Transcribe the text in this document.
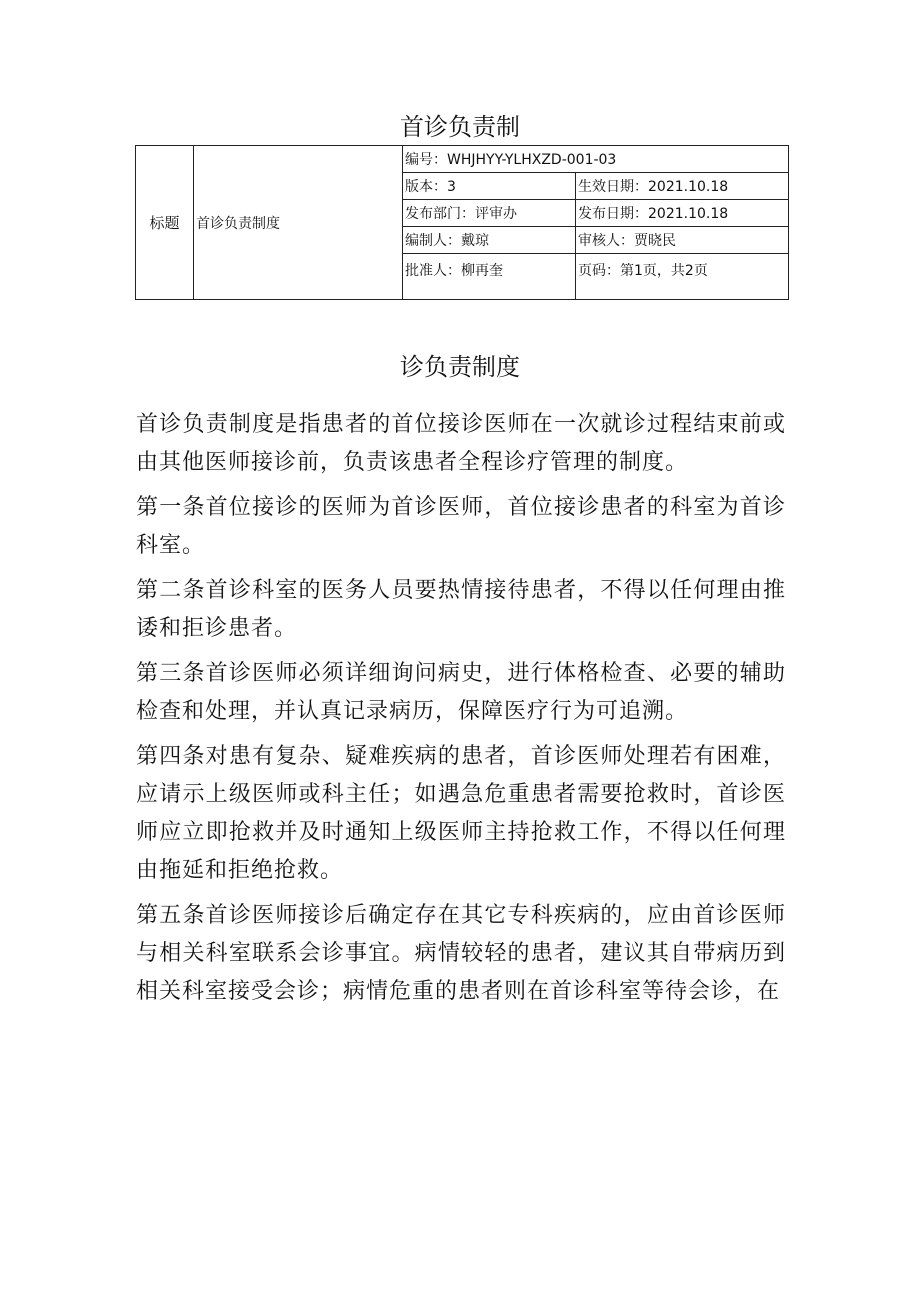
首诊负责制
标题	首诊负责制度	编号：WHJHYY-YLHXZD-001-03	
		版本：3	生效日期：2021.10.18
		发布部门：评审办	发布日期：2021.10.18
		编制人：戴琼	审核人：贾晓民
		批准人：柳再奎	页码：第1页，共2页
诊负责制度

首诊负责制度是指患者的首位接诊医师在一次就诊过程结束前或由其他医师接诊前，负责该患者全程诊疗管理的制度。

第一条首位接诊的医师为首诊医师，首位接诊患者的科室为首诊科室。

第二条首诊科室的医务人员要热情接待患者，不得以任何理由推诿和拒诊患者。

第三条首诊医师必须详细询问病史，进行体格检查、必要的辅助检查和处理，并认真记录病历，保障医疗行为可追溯。

第四条对患有复杂、疑难疾病的患者，首诊医师处理若有困难，应请示上级医师或科主任；如遇急危重患者需要抢救时，首诊医师应立即抢救并及时通知上级医师主持抢救工作，不得以任何理由拖延和拒绝抢救。

第五条首诊医师接诊后确定存在其它专科疾病的，应由首诊医师与相关科室联系会诊事宜。病情较轻的患者，建议其自带病历到相关科室接受会诊；病情危重的患者则在首诊科室等待会诊，在
